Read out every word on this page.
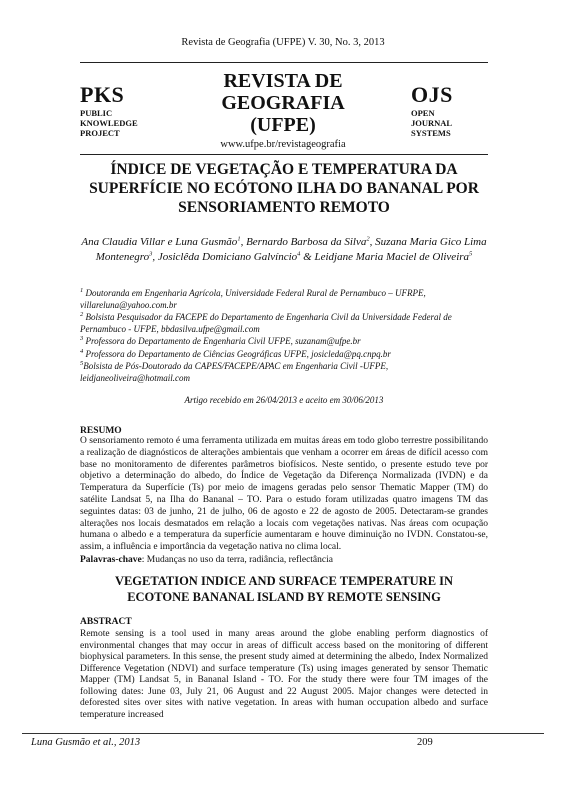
Revista de Geografia (UFPE) V. 30, No. 3, 2013
PKS
PUBLIC
KNOWLEDGE
PROJECT
REVISTA DE
GEOGRAFIA
(UFPE)
www.ufpe.br/revistageografia
OJS
OPEN
JOURNAL
SYSTEMS
ÍNDICE DE VEGETAÇÃO E TEMPERATURA DA
SUPERFÍCIE NO ECÓTONO ILHA DO BANANAL POR
SENSORIAMENTO REMOTO
Ana Claudia Villar e Luna Gusmão$^1$, Bernardo Barbosa da Silva$^2$, Suzana Maria Gico Lima Montenegro$^3$, Josiclêda Domiciano Galvíncio$^4$ & Leidjane Maria Maciel de Oliveira$^5$

$^1$ Doutoranda em Engenharia Agrícola, Universidade Federal Rural de Pernambuco – UFRPE, villareluna@yahoo.com.br

$^2$ Bolsista Pesquisador da FACEPE do Departamento de Engenharia Civil da Universidade Federal de Pernambuco - UFPE, bbdasilva.ufpe@gmail.com

$^3$ Professora do Departamento de Engenharia Civil UFPE, suzanam@ufpe.br

$^4$ Professora do Departamento de Ciências Geográficas UFPE, josicleda@pq.cnpq.br

$^5$Bolsista de Pós-Doutorado da CAPES/FACEPE/APAC em Engenharia Civil -UFPE, leidjaneoliveira@hotmail.com

Artigo recebido em 26/04/2013 e aceito em 30/06/2013
RESUMO
O sensoriamento remoto é uma ferramenta utilizada em muitas áreas em todo globo terrestre possibilitando a realização de diagnósticos de alterações ambientais que venham a ocorrer em áreas de difícil acesso com base no monitoramento de diferentes parâmetros biofísicos. Neste sentido, o presente estudo teve por objetivo a determinação do albedo, do Índice de Vegetação da Diferença Normalizada (IVDN) e da Temperatura da Superfície (Ts) por meio de imagens geradas pelo sensor Thematic Mapper (TM) do satélite Landsat 5, na Ilha do Bananal – TO. Para o estudo foram utilizadas quatro imagens TM das seguintes datas: 03 de junho, 21 de julho, 06 de agosto e 22 de agosto de 2005. Detectaram-se grandes alterações nos locais desmatados em relação a locais com vegetações nativas. Nas áreas com ocupação humana o albedo e a temperatura da superfície aumentaram e houve diminuição no IVDN. Constatou-se, assim, a influência e importância da vegetação nativa no clima local.
Palavras-chave: Mudanças no uso da terra, radiância, reflectância
VEGETATION INDICE AND SURFACE TEMPERATURE IN
ECOTONE BANANAL ISLAND BY REMOTE SENSING
ABSTRACT
Remote sensing is a tool used in many areas around the globe enabling perform diagnostics of environmental changes that may occur in areas of difficult access based on the monitoring of different biophysical parameters. In this sense, the present study aimed at determining the albedo, Index Normalized Difference Vegetation (NDVI) and surface temperature (Ts) using images generated by sensor Thematic Mapper (TM) Landsat 5, in Bananal Island - TO. For the study there were four TM images of the following dates: June 03, July 21, 06 August and 22 August 2005. Major changes were detected in deforested sites over sites with native vegetation. In areas with human occupation albedo and surface temperature increased
Luna Gusmão et al., 2013	209
